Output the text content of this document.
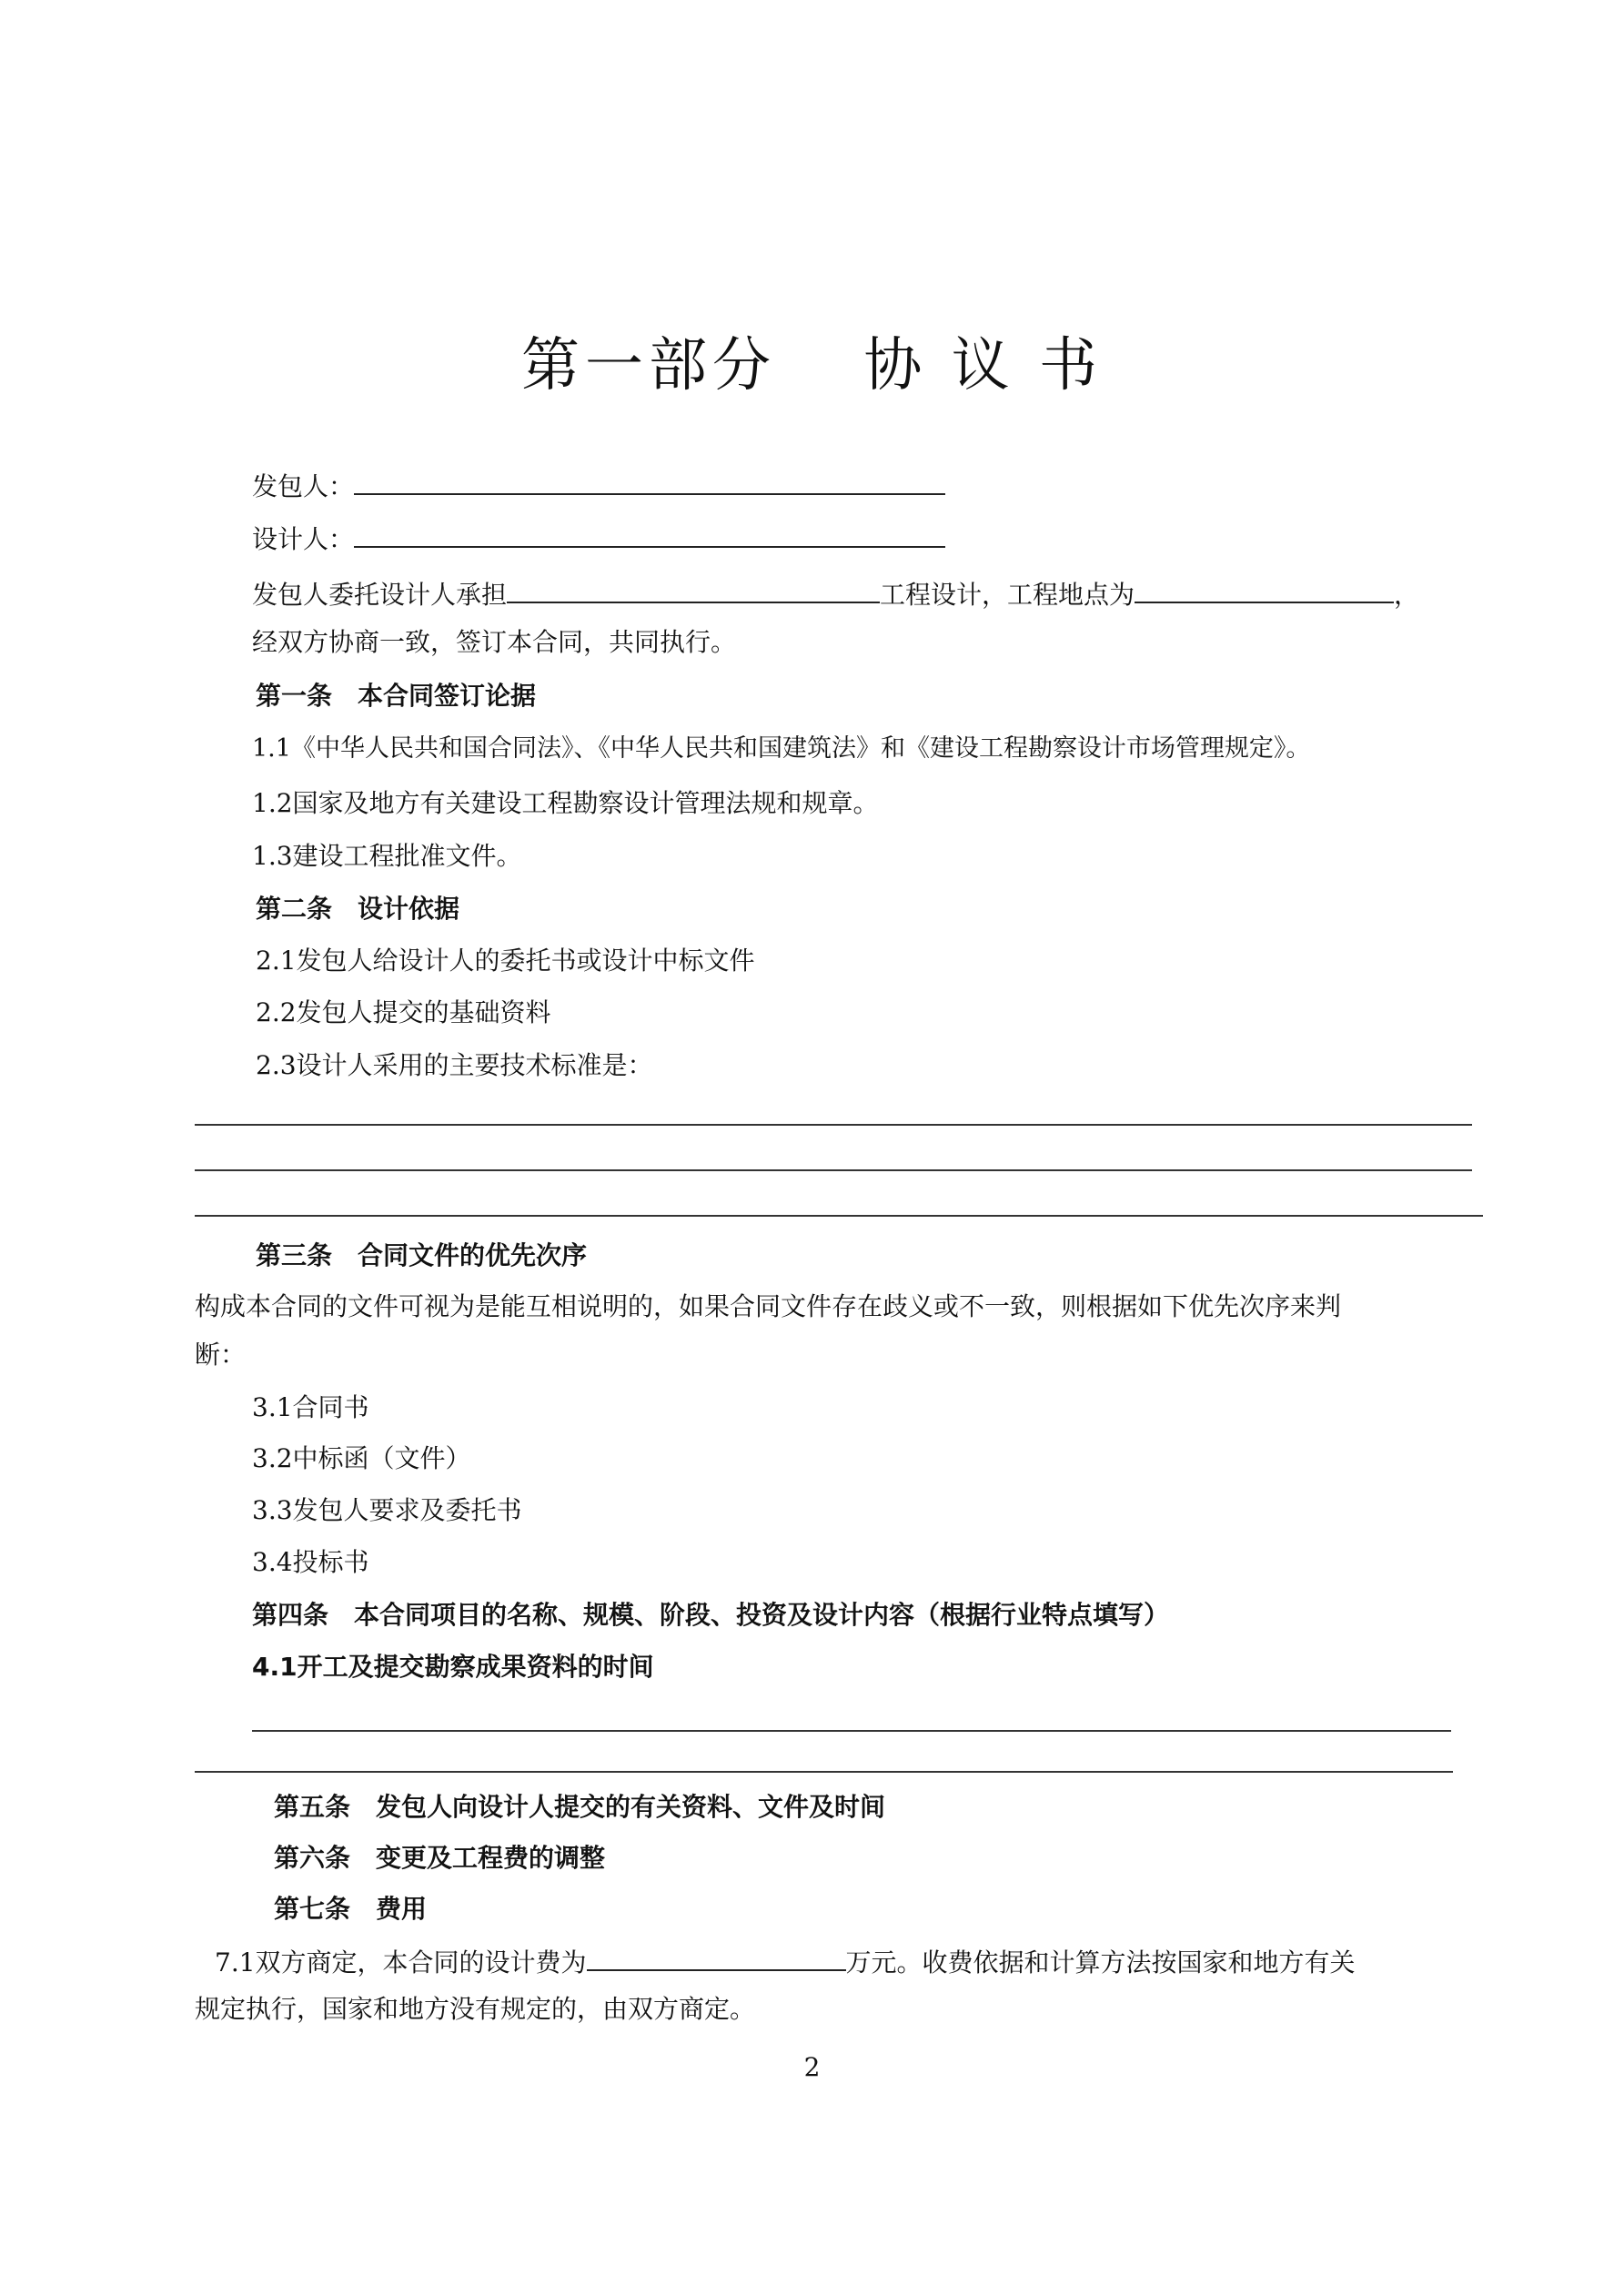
第一部分　 协 议 书
发包人：
设计人：
发包人委托设计人承担	工程设计，工程地点为	，
经双方协商一致，签订本合同，共同执行。
第一条　本合同签订论据
1.1《中华人民共和国合同法》、《中华人民共和国建筑法》和《建设工程勘察设计市场管理规定》。
1.2国家及地方有关建设工程勘察设计管理法规和规章。
1.3建设工程批准文件。
第二条　设计依据
2.1发包人给设计人的委托书或设计中标文件
2.2发包人提交的基础资料
2.3设计人采用的主要技术标准是：
第三条　合同文件的优先次序
构成本合同的文件可视为是能互相说明的，如果合同文件存在歧义或不一致，则根据如下优先次序来判
断：
3.1合同书
3.2中标函（文件）
3.3发包人要求及委托书
3.4投标书
第四条　本合同项目的名称、规模、阶段、投资及设计内容（根据行业特点填写）
4.1开工及提交勘察成果资料的时间
第五条　发包人向设计人提交的有关资料、文件及时间
第六条　变更及工程费的调整
第七条　费用
7.1双方商定，本合同的设计费为	万元。收费依据和计算方法按国家和地方有关
规定执行，国家和地方没有规定的，由双方商定。
2
